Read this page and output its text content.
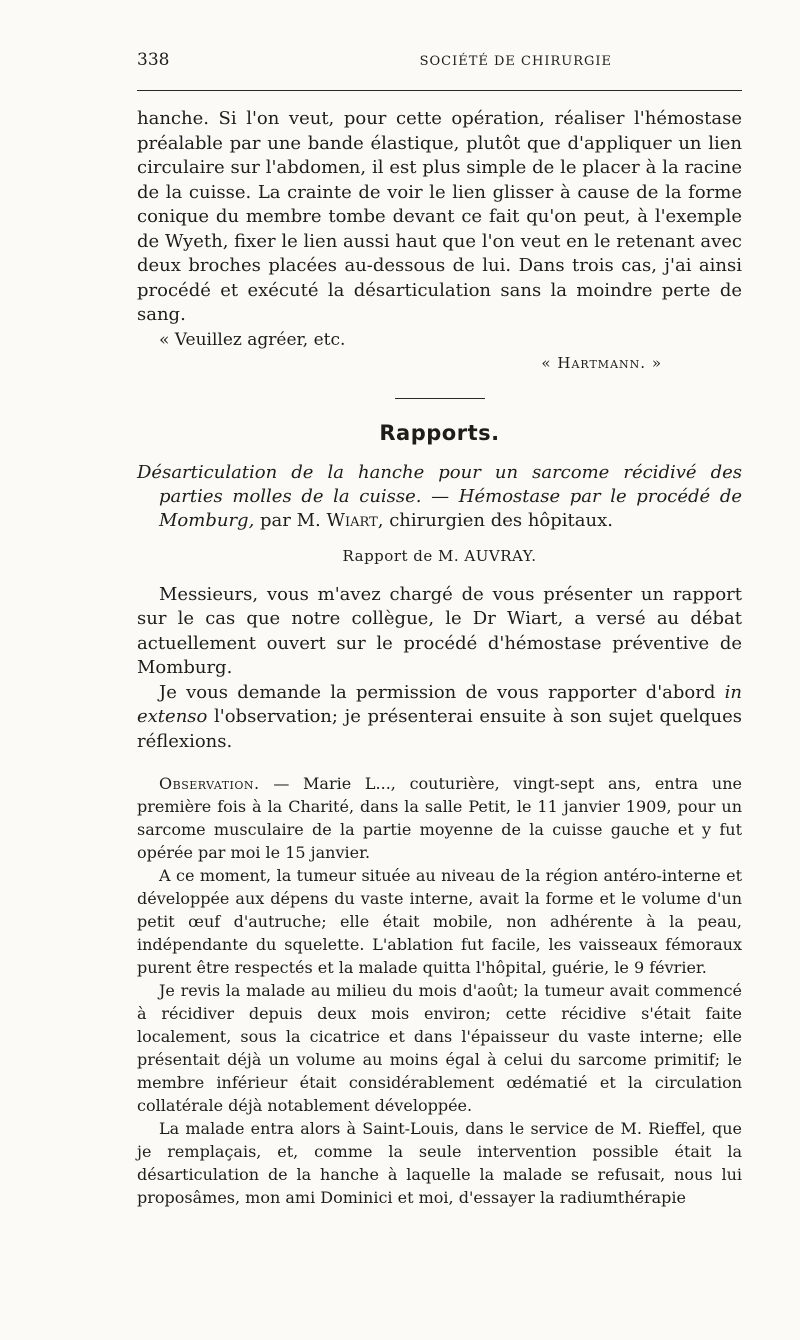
338	SOCIÉTÉ DE CHIRURGIE

hanche. Si l'on veut, pour cette opération, réaliser l'hémostase préalable par une bande élastique, plutôt que d'appliquer un lien circulaire sur l'abdomen, il est plus simple de le placer à la racine de la cuisse. La crainte de voir le lien glisser à cause de la forme conique du membre tombe devant ce fait qu'on peut, à l'exemple de Wyeth, fixer le lien aussi haut que l'on veut en le retenant avec deux broches placées au-dessous de lui. Dans trois cas, j'ai ainsi procédé et exécuté la désarticulation sans la moindre perte de sang.

« Veuillez agréer, etc.

« Hartmann. »

Rapports.

Désarticulation de la hanche pour un sarcome récidivé des parties molles de la cuisse. — Hémostase par le procédé de Momburg, par M. Wiart, chirurgien des hôpitaux.

Rapport de M. AUVRAY.

Messieurs, vous m'avez chargé de vous présenter un rapport sur le cas que notre collègue, le Dr Wiart, a versé au débat actuellement ouvert sur le procédé d'hémostase préventive de Momburg.

Je vous demande la permission de vous rapporter d'abord in extenso l'observation; je présenterai ensuite à son sujet quelques réflexions.

Observation. — Marie L..., couturière, vingt-sept ans, entra une première fois à la Charité, dans la salle Petit, le 11 janvier 1909, pour un sarcome musculaire de la partie moyenne de la cuisse gauche et y fut opérée par moi le 15 janvier.

A ce moment, la tumeur située au niveau de la région antéro-interne et développée aux dépens du vaste interne, avait la forme et le volume d'un petit œuf d'autruche; elle était mobile, non adhérente à la peau, indépendante du squelette. L'ablation fut facile, les vaisseaux fémoraux purent être respectés et la malade quitta l'hôpital, guérie, le 9 février.

Je revis la malade au milieu du mois d'août; la tumeur avait commencé à récidiver depuis deux mois environ; cette récidive s'était faite localement, sous la cicatrice et dans l'épaisseur du vaste interne; elle présentait déjà un volume au moins égal à celui du sarcome primitif; le membre inférieur était considérablement œdématié et la circulation collatérale déjà notablement développée.

La malade entra alors à Saint-Louis, dans le service de M. Rieffel, que je remplaçais, et, comme la seule intervention possible était la désarticulation de la hanche à laquelle la malade se refusait, nous lui proposâmes, mon ami Dominici et moi, d'essayer la radiumthérapie
